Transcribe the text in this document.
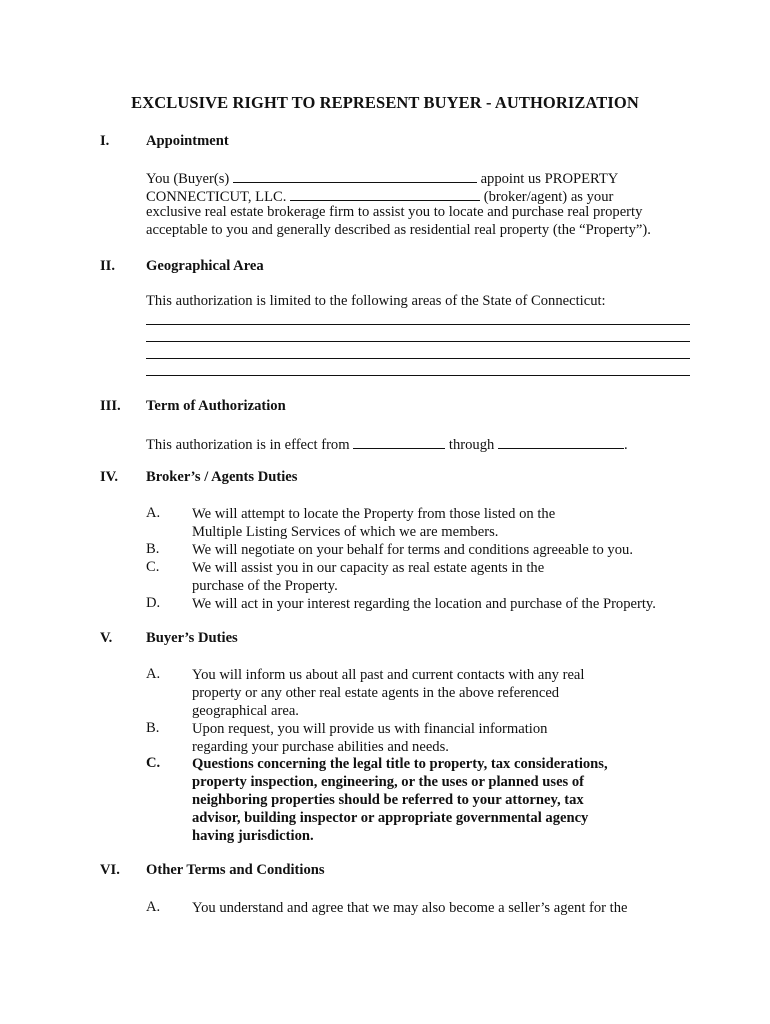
EXCLUSIVE RIGHT TO REPRESENT BUYER - AUTHORIZATION
I.	Appointment
You (Buyer(s)	appoint us PROPERTY
CONNECTICUT, LLC.	(broker/agent) as your
exclusive real estate brokerage firm to assist you to locate and purchase real property
acceptable to you and generally described as residential real property (the “Property”).
II. Geographical Area
This authorization is limited to the following areas of the State of Connecticut:
III. Term of Authorization
This authorization is in effect from	through	.
IV. Broker’s / Agents Duties
A. We will attempt to locate the Property from those listed on the
Multiple Listing Services of which we are members.
B. We will negotiate on your behalf for terms and conditions agreeable to you.
C. We will assist you in our capacity as real estate agents in the
purchase of the Property.
D. We will act in your interest regarding the location and purchase of the Property.
V. Buyer’s Duties
A. You will inform us about all past and current contacts with any real
property or any other real estate agents in the above referenced
geographical area.
B. Upon request, you will provide us with financial information
regarding your purchase abilities and needs.
C. Questions concerning the legal title to property, tax considerations,
property inspection, engineering, or the uses or planned uses of
neighboring properties should be referred to your attorney, tax
advisor, building inspector or appropriate governmental agency
having jurisdiction.
VI. Other Terms and Conditions
A. You understand and agree that we may also become a seller’s agent for the
